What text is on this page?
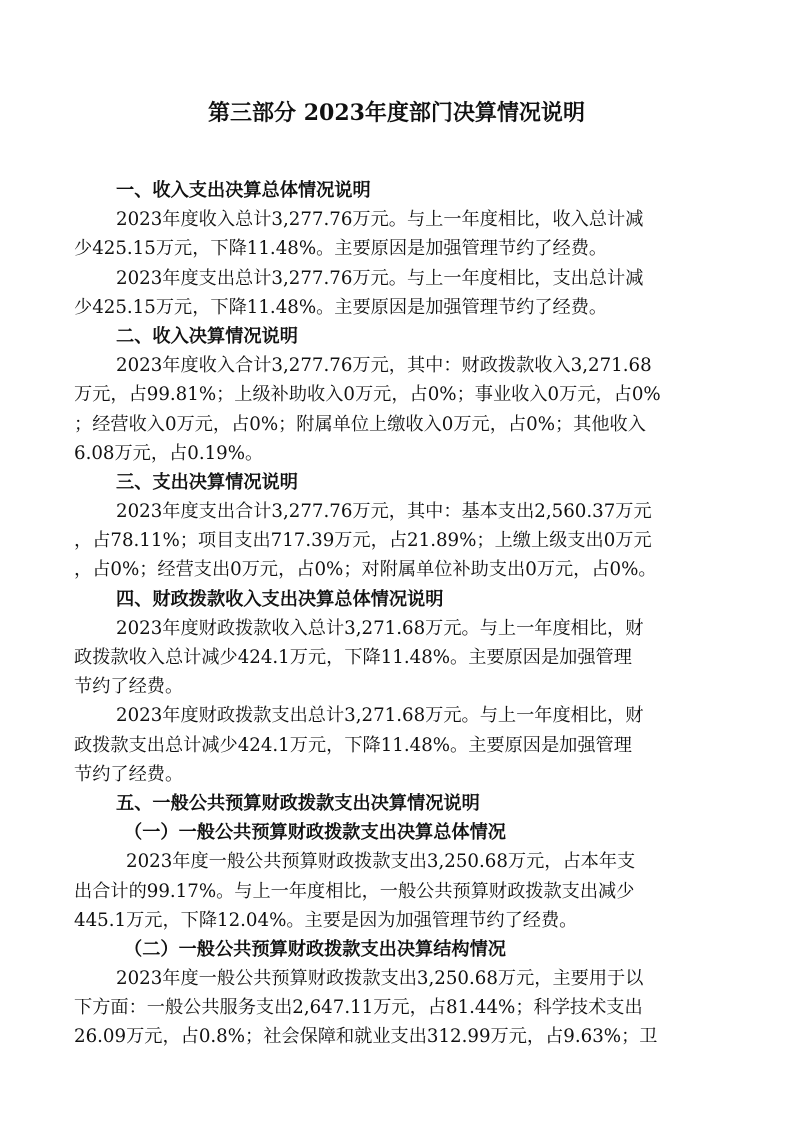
第三部分 2023年度部门决算情况说明
一、收入支出决算总体情况说明
2023年度收入总计3,277.76万元。与上一年度相比，收入总计减
少425.15万元，下降11.48%。主要原因是加强管理节约了经费。
2023年度支出总计3,277.76万元。与上一年度相比，支出总计减
少425.15万元，下降11.48%。主要原因是加强管理节约了经费。
二、收入决算情况说明
2023年度收入合计3,277.76万元，其中：财政拨款收入3,271.68
万元，占99.81%；上级补助收入0万元，占0%；事业收入0万元，占0%
；经营收入0万元，占0%；附属单位上缴收入0万元，占0%；其他收入
6.08万元，占0.19%。
三、支出决算情况说明
2023年度支出合计3,277.76万元，其中：基本支出2,560.37万元
，占78.11%；项目支出717.39万元，占21.89%；上缴上级支出0万元
，占0%；经营支出0万元，占0%；对附属单位补助支出0万元，占0%。
四、财政拨款收入支出决算总体情况说明
2023年度财政拨款收入总计3,271.68万元。与上一年度相比，财
政拨款收入总计减少424.1万元，下降11.48%。主要原因是加强管理
节约了经费。
2023年度财政拨款支出总计3,271.68万元。与上一年度相比，财
政拨款支出总计减少424.1万元，下降11.48%。主要原因是加强管理
节约了经费。
五、一般公共预算财政拨款支出决算情况说明
（一）一般公共预算财政拨款支出决算总体情况
2023年度一般公共预算财政拨款支出3,250.68万元，占本年支
出合计的99.17%。与上一年度相比，一般公共预算财政拨款支出减少
445.1万元，下降12.04%。主要是因为加强管理节约了经费。
（二）一般公共预算财政拨款支出决算结构情况
2023年度一般公共预算财政拨款支出3,250.68万元，主要用于以
下方面：一般公共服务支出2,647.11万元，占81.44%；科学技术支出
26.09万元，占0.8%；社会保障和就业支出312.99万元，占9.63%；卫
